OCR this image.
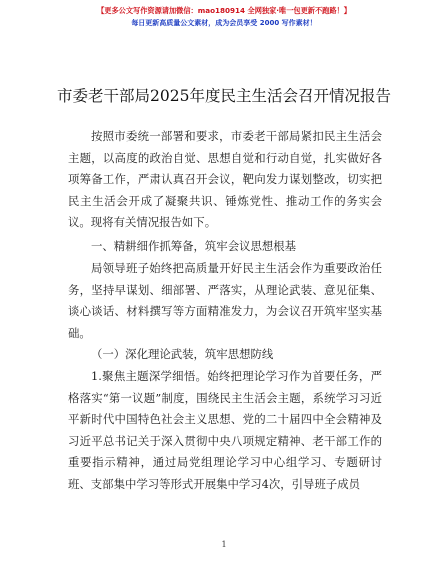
【更多公文写作资源请加微信：mao180914 全网独家·唯一包更新不跑路！】
每日更新高质量公文素材，成为会员享受 2000 写作素材！
市委老干部局2025年度民主生活会召开情况报告

按照市委统一部署和要求，市委老干部局紧扣民主生活会主题，以高度的政治自觉、思想自觉和行动自觉，扎实做好各项筹备工作，严肃认真召开会议，靶向发力谋划整改，切实把民主生活会开成了凝聚共识、锤炼党性、推动工作的务实会议。现将有关情况报告如下。

一、精耕细作抓筹备，筑牢会议思想根基

局领导班子始终把高质量开好民主生活会作为重要政治任务，坚持早谋划、细部署、严落实，从理论武装、意见征集、谈心谈话、材料撰写等方面精准发力，为会议召开筑牢坚实基础。

（一）深化理论武装，筑牢思想防线

1.聚焦主题深学细悟。始终把理论学习作为首要任务，严格落实“第一议题”制度，围绕民主生活会主题，系统学习习近平新时代中国特色社会主义思想、党的二十届四中全会精神及习近平总书记关于深入贯彻中央八项规定精神、老干部工作的重要指示精神，通过局党组理论学习中心组学习、专题研讨班、支部集中学习等形式开展集中学习4次，引导班子成员

1
